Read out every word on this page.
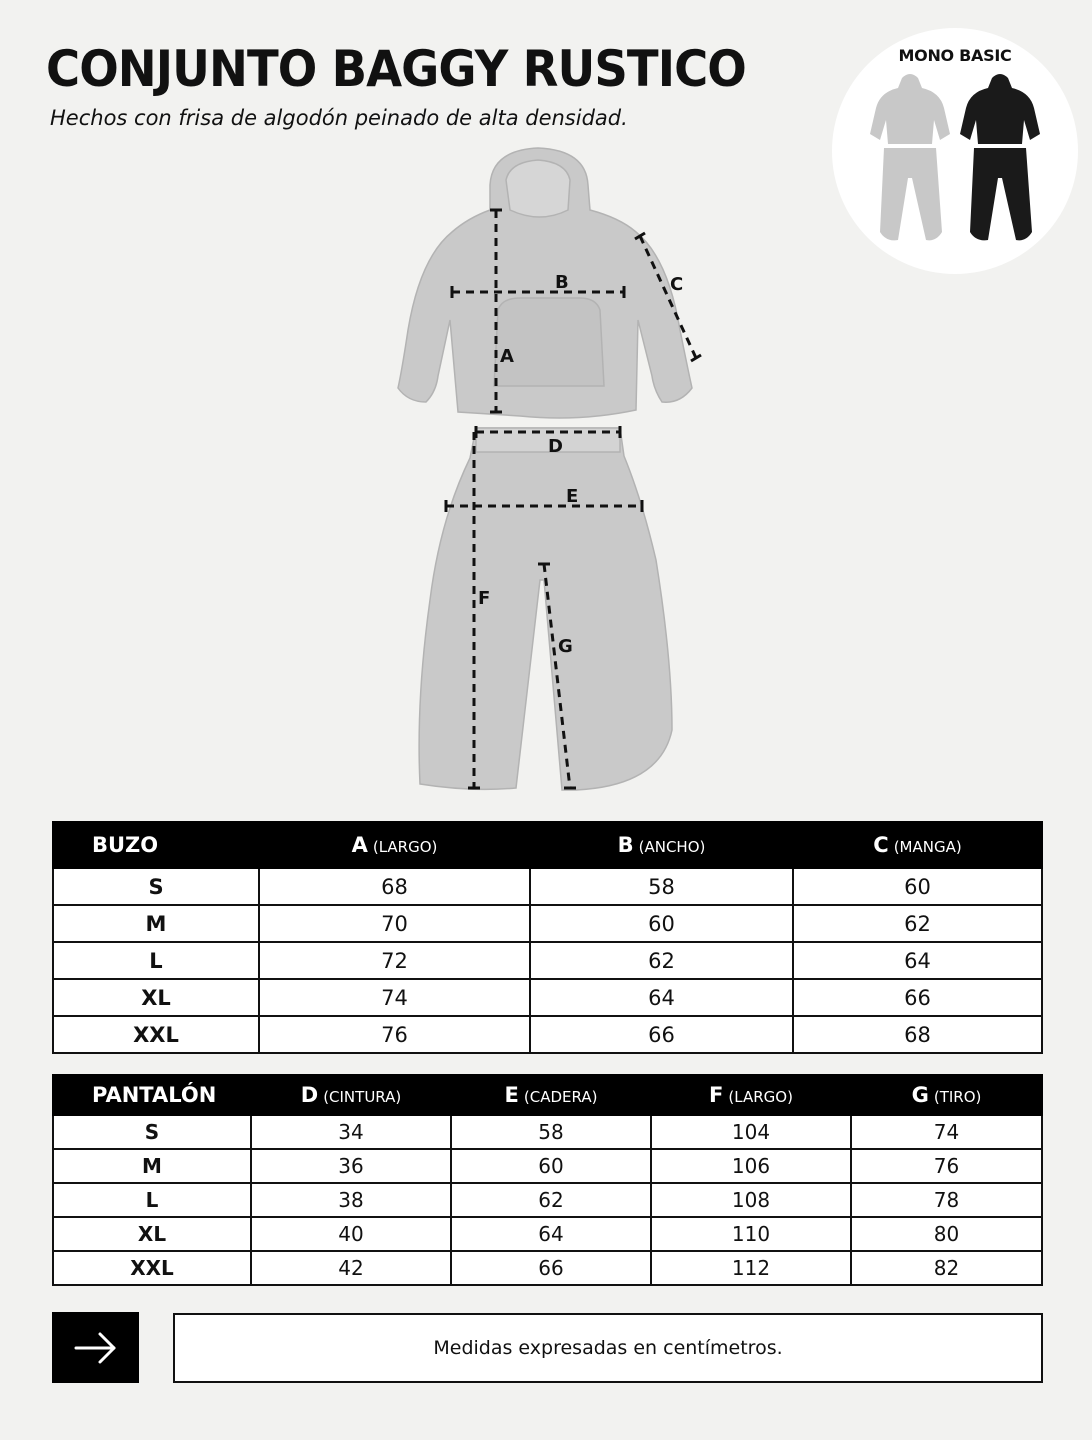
CONJUNTO BAGGY RUSTICO

Hechos con frisa de algodón peinado de alta densidad.

MONO BASIC
A
B	C
D
E
F
G
BUZO	A (LARGO)	B (ANCHO)	C (MANGA)
S	68	58	60
M	70	60	62
L	72	62	64
XL	74	64	66
XXL	76	66	68
PANTALÓN	D (CINTURA)	E (CADERA)	F (LARGO)	G (TIRO)
S	34	58	104	74
M	36	60	106	76
L	38	62	108	78
XL	40	64	110	80
XXL	42	66	112	82
Medidas expresadas en centímetros.
